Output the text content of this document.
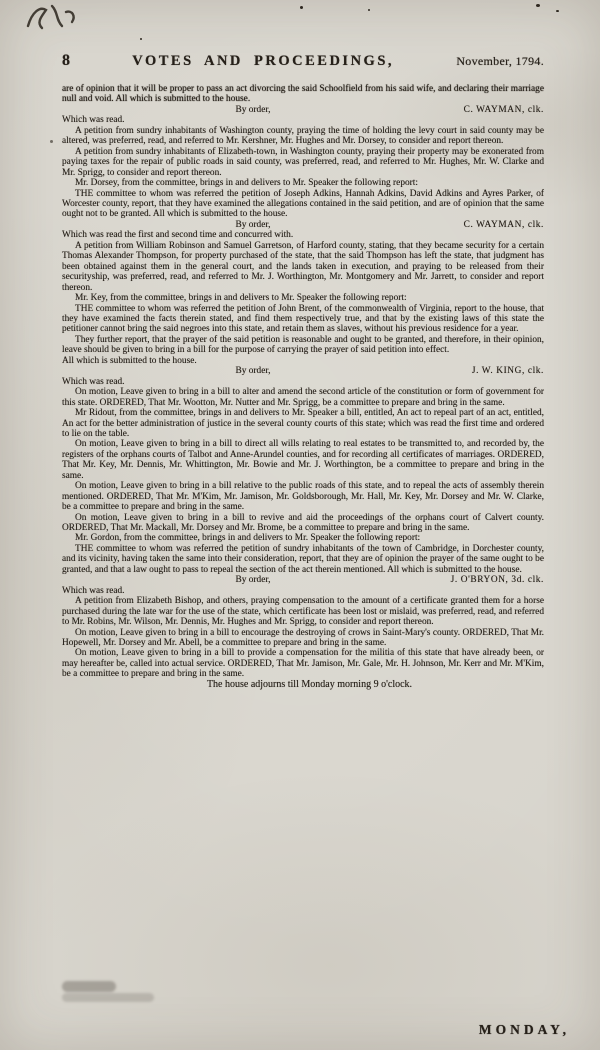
8	VOTES AND PROCEEDINGS,	November, 1794.

are of opinion that it will be proper to pass an act divorcing the said Schoolfield from his said wife, and declaring their marriage null and void. All which is submitted to the house.

By order,	C. WAYMAN, clk.

Which was read.

A petition from sundry inhabitants of Washington county, praying the time of holding the levy court in said county may be altered, was preferred, read, and referred to Mr. Kershner, Mr. Hughes and Mr. Dorsey, to consider and report thereon.

A petition from sundry inhabitants of Elizabeth-town, in Washington county, praying their property may be exonerated from paying taxes for the repair of public roads in said county, was preferred, read, and referred to Mr. Hughes, Mr. W. Clarke and Mr. Sprigg, to consider and report thereon.

Mr. Dorsey, from the committee, brings in and delivers to Mr. Speaker the following report:

THE committee to whom was referred the petition of Joseph Adkins, Hannah Adkins, David Adkins and Ayres Parker, of Worcester county, report, that they have examined the allegations contained in the said petition, and are of opinion that the same ought not to be granted. All which is submitted to the house.

By order,	C. WAYMAN, clk.

Which was read the first and second time and concurred with.

A petition from William Robinson and Samuel Garretson, of Harford county, stating, that they became security for a certain Thomas Alexander Thompson, for property purchased of the state, that the said Thompson has left the state, that judgment has been obtained against them in the general court, and the lands taken in execution, and praying to be released from their securityship, was preferred, read, and referred to Mr. J. Worthington, Mr. Montgomery and Mr. Jarrett, to consider and report thereon.

Mr. Key, from the committee, brings in and delivers to Mr. Speaker the following report:

THE committee to whom was referred the petition of John Brent, of the commonwealth of Virginia, report to the house, that they have examined the facts therein stated, and find them respectively true, and that by the existing laws of this state the petitioner cannot bring the said negroes into this state, and retain them as slaves, without his previous residence for a year.

They further report, that the prayer of the said petition is reasonable and ought to be granted, and therefore, in their opinion, leave should be given to bring in a bill for the purpose of carrying the prayer of said petition into effect.

All which is submitted to the house.

By order,	J. W. KING, clk.

Which was read.

On motion, Leave given to bring in a bill to alter and amend the second article of the constitution or form of government for this state. ORDERED, That Mr. Wootton, Mr. Nutter and Mr. Sprigg, be a committee to prepare and bring in the same.

Mr Ridout, from the committee, brings in and delivers to Mr. Speaker a bill, entitled, An act to repeal part of an act, entitled, An act for the better administration of justice in the several county courts of this state; which was read the first time and ordered to lie on the table.

On motion, Leave given to bring in a bill to direct all wills relating to real estates to be transmitted to, and recorded by, the registers of the orphans courts of Talbot and Anne-Arundel counties, and for recording all certificates of marriages. ORDERED, That Mr. Key, Mr. Dennis, Mr. Whittington, Mr. Bowie and Mr. J. Worthington, be a committee to prepare and bring in the same.

On motion, Leave given to bring in a bill relative to the public roads of this state, and to repeal the acts of assembly therein mentioned. ORDERED, That Mr. M'Kim, Mr. Jamison, Mr. Goldsborough, Mr. Hall, Mr. Key, Mr. Dorsey and Mr. W. Clarke, be a committee to prepare and bring in the same.

On motion, Leave given to bring in a bill to revive and aid the proceedings of the orphans court of Calvert county. ORDERED, That Mr. Mackall, Mr. Dorsey and Mr. Brome, be a committee to prepare and bring in the same.

Mr. Gordon, from the committee, brings in and delivers to Mr. Speaker the following report:

THE committee to whom was referred the petition of sundry inhabitants of the town of Cambridge, in Dorchester county, and its vicinity, having taken the same into their consideration, report, that they are of opinion the prayer of the same ought to be granted, and that a law ought to pass to repeal the section of the act therein mentioned. All which is submitted to the house.

By order,	J. O'BRYON, 3d. clk.

Which was read.

A petition from Elizabeth Bishop, and others, praying compensation to the amount of a certificate granted them for a horse purchased during the late war for the use of the state, which certificate has been lost or mislaid, was preferred, read, and referred to Mr. Robins, Mr. Wilson, Mr. Dennis, Mr. Hughes and Mr. Sprigg, to consider and report thereon.

On motion, Leave given to bring in a bill to encourage the destroying of crows in Saint-Mary's county. ORDERED, That Mr. Hopewell, Mr. Dorsey and Mr. Abell, be a committee to prepare and bring in the same.

On motion, Leave given to bring in a bill to provide a compensation for the militia of this state that have already been, or may hereafter be, called into actual service. ORDERED, That Mr. Jamison, Mr. Gale, Mr. H. Johnson, Mr. Kerr and Mr. M'Kim, be a committee to prepare and bring in the same.

The house adjourns till Monday morning 9 o'clock.

MONDAY,
